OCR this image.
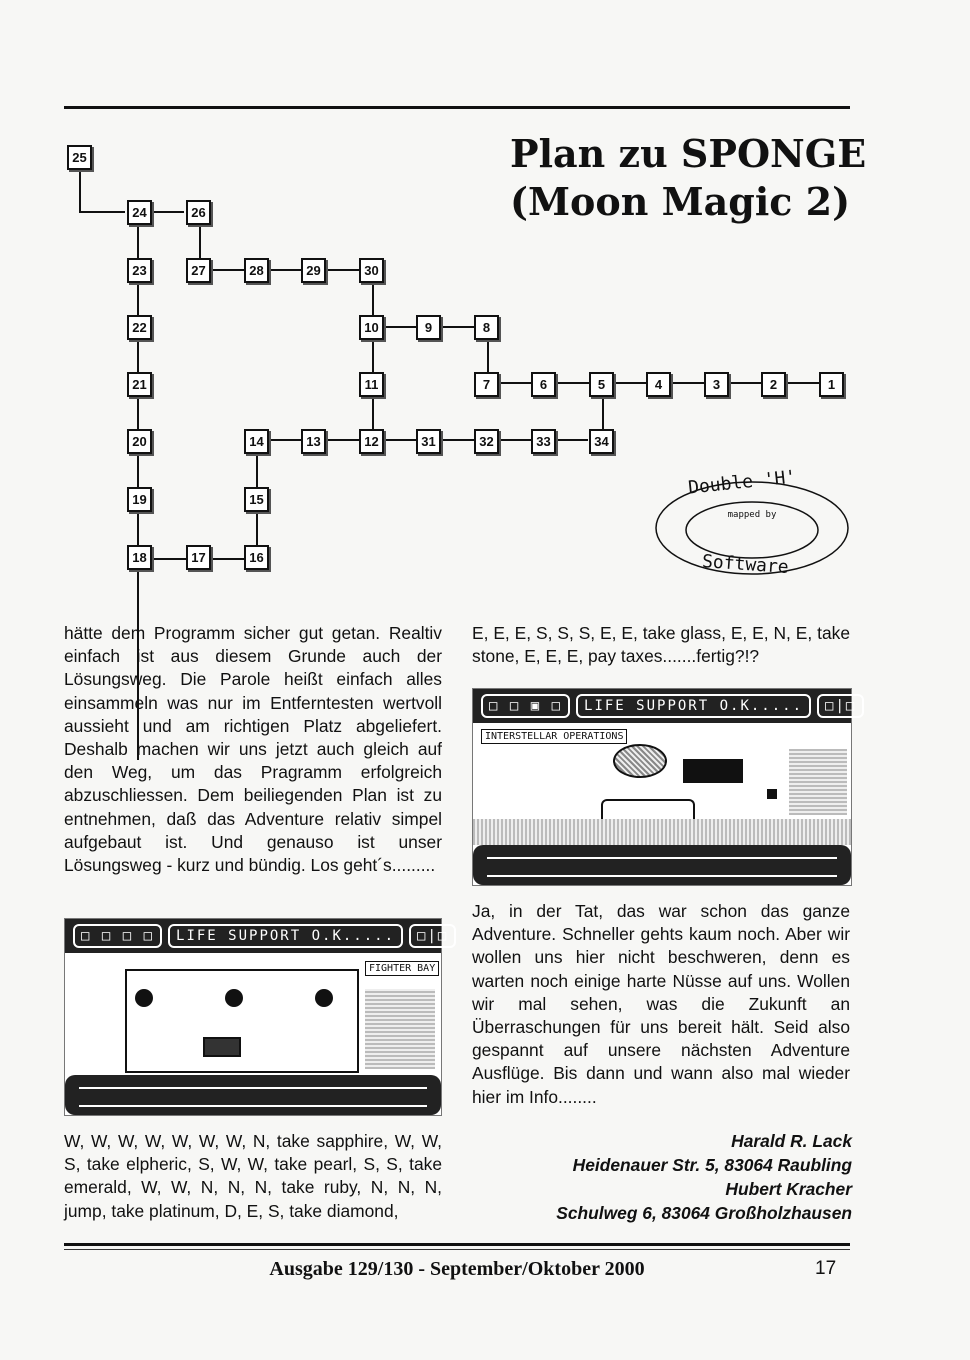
Plan zu SPONGE
(Moon Magic 2)
25
24	26
23	27	28	29	30
22	10	9	8
21	11	7	6	5	4	3	2	1
20	14	13	12	31	32	33	34
19	15
18	17	16
Double 'H'
mapped by
Software
hätte dem Programm sicher gut getan. Realtiv einfach ist aus diesem Grunde auch der Lösungsweg. Die Parole heißt einfach alles einsammeln was nur im Entferntesten wertvoll aussieht und am richtigen Platz abgeliefert. Deshalb machen wir uns jetzt auch gleich auf den Weg, um das Pragramm erfolgreich abzuschliessen. Dem beiliegenden Plan ist zu entnehmen, daß das Adventure relativ simpel aufgebaut ist. Und genauso ist unser Lösungsweg - kurz und bündig. Los geht´s.........
□ □ □ □	LIFE SUPPORT O.K.....	□|□
FIGHTER BAY
W, W, W, W, W, W, W, N, take sapphire, W, W, S, take elpheric, S, W, W, take pearl, S, S, take emerald, W, W, N, N, N, take ruby, N, N, N, jump, take platinum, D, E, S, take diamond,
E, E, E, S, S, S, E, E, take glass, E, E, N, E, take stone, E, E, E, pay taxes.......fertig?!?
□ □ ▣ □	LIFE SUPPORT O.K.....	□|□
INTERSTELLAR OPERATIONS
Ja, in der Tat, das war schon das ganze Adventure. Schneller gehts kaum noch. Aber wir wollen uns hier nicht beschweren, denn es warten noch einige harte Nüsse auf uns. Wollen wir mal sehen, was die Zukunft an Überraschungen für uns bereit hält. Seid also gespannt auf unsere nächsten Adventure Ausflüge. Bis dann und wann also mal wieder hier im Info........
Harald R. Lack
Heidenauer Str. 5, 83064 Raubling
Hubert Kracher
Schulweg 6, 83064 Großholzhausen
Ausgabe 129/130 - September/Oktober 2000	17
